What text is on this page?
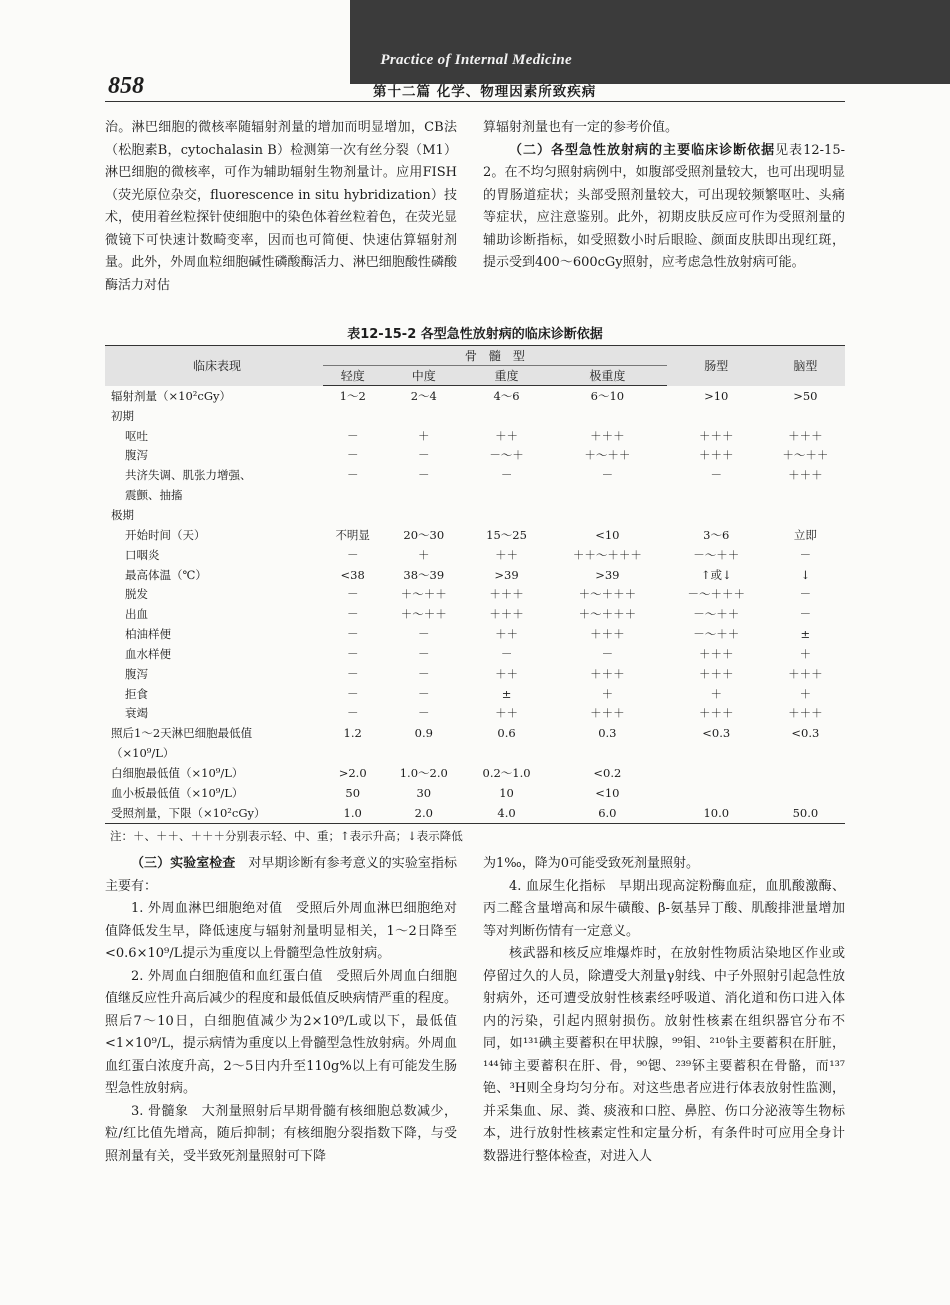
Practice of Internal Medicine
858	第十二篇 化学、物理因素所致疾病

治。淋巴细胞的微核率随辐射剂量的增加而明显增加，CB法（松胞素B，cytochalasin B）检测第一次有丝分裂（M1）淋巴细胞的微核率，可作为辅助辐射生物剂量计。应用FISH（荧光原位杂交，fluorescence in situ hybridization）技术，使用着丝粒探针使细胞中的染色体着丝粒着色，在荧光显微镜下可快速计数畸变率，因而也可简便、快速估算辐射剂量。此外，外周血粒细胞碱性磷酸酶活力、淋巴细胞酸性磷酸酶活力对估

算辐射剂量也有一定的参考价值。

（二）各型急性放射病的主要临床诊断依据见表12-15-2。在不均匀照射病例中，如腹部受照剂量较大，也可出现明显的胃肠道症状；头部受照剂量较大，可出现较频繁呕吐、头痛等症状，应注意鉴别。此外，初期皮肤反应可作为受照剂量的辅助诊断指标，如受照数小时后眼睑、颜面皮肤即出现红斑，提示受到400～600cGy照射，应考虑急性放射病可能。

表12-15-2 各型急性放射病的临床诊断依据
临床表现	骨　髓　型				肠型	脑型
	轻度	中度	重度	极重度		
辐射剂量（×10²cGy）	1～2	2～4	4～6	6～10	>10	>50
初期						
呕吐	－	＋	＋＋	＋＋＋	＋＋＋	＋＋＋
腹泻	－	－	－～＋	＋～＋＋	＋＋＋	＋～＋＋
共济失调、肌张力增强、	－	－	－	－	－	＋＋＋
震颤、抽搐						
极期						
开始时间（天）	不明显	20～30	15～25	<10	3～6	立即
口咽炎	－	＋	＋＋	＋＋～＋＋＋	－～＋＋	－
最高体温（℃）	<38	38～39	>39	>39	↑或↓	↓
脱发	－	＋～＋＋	＋＋＋	＋～＋＋＋	－～＋＋＋	－
出血	－	＋～＋＋	＋＋＋	＋～＋＋＋	－～＋＋	－
柏油样便	－	－	＋＋	＋＋＋	－～＋＋	±
血水样便	－	－	－	－	＋＋＋	＋
腹泻	－	－	＋＋	＋＋＋	＋＋＋	＋＋＋
拒食	－	－	±	＋	＋	＋
衰竭	－	－	＋＋	＋＋＋	＋＋＋	＋＋＋
照后1～2天淋巴细胞最低值	1.2	0.9	0.6	0.3	<0.3	<0.3
（×10⁹/L）						
白细胞最低值（×10⁹/L）	>2.0	1.0～2.0	0.2～1.0	<0.2		
血小板最低值（×10⁹/L）	50	30	10	<10		
受照剂量，下限（×10²cGy）	1.0	2.0	4.0	6.0	10.0	50.0
注：＋、＋＋、＋＋＋分别表示轻、中、重；↑表示升高；↓表示降低

（三）实验室检查　 对早期诊断有参考意义的实验室指标主要有：

1. 外周血淋巴细胞绝对值　受照后外周血淋巴细胞绝对值降低发生早，降低速度与辐射剂量明显相关，1～2日降至<0.6×10⁹/L提示为重度以上骨髓型急性放射病。

2. 外周血白细胞值和血红蛋白值　受照后外周血白细胞值继反应性升高后减少的程度和最低值反映病情严重的程度。照后7～10日，白细胞值减少为2×10⁹/L或以下，最低值<1×10⁹/L，提示病情为重度以上骨髓型急性放射病。外周血血红蛋白浓度升高，2～5日内升至110g%以上有可能发生肠型急性放射病。

3. 骨髓象　大剂量照射后早期骨髓有核细胞总数减少，粒/红比值先增高，随后抑制；有核细胞分裂指数下降，与受照剂量有关，受半致死剂量照射可下降

为1‰，降为0可能受致死剂量照射。

4. 血尿生化指标　早期出现高淀粉酶血症，血肌酸激酶、丙二醛含量增高和尿牛磺酸、β-氨基异丁酸、肌酸排泄量增加等对判断伤情有一定意义。

核武器和核反应堆爆炸时，在放射性物质沾染地区作业或停留过久的人员，除遭受大剂量γ射线、中子外照射引起急性放射病外，还可遭受放射性核素经呼吸道、消化道和伤口进入体内的污染，引起内照射损伤。放射性核素在组织器官分布不同，如¹³¹碘主要蓄积在甲状腺，⁹⁹钼、²¹⁰钋主要蓄积在肝脏，¹⁴⁴铈主要蓄积在肝、骨，⁹⁰锶、²³⁹钚主要蓄积在骨骼，而¹³⁷铯、³H则全身均匀分布。对这些患者应进行体表放射性监测，并采集血、尿、粪、痰液和口腔、鼻腔、伤口分泌液等生物标本，进行放射性核素定性和定量分析，有条件时可应用全身计数器进行整体检查，对进入人
